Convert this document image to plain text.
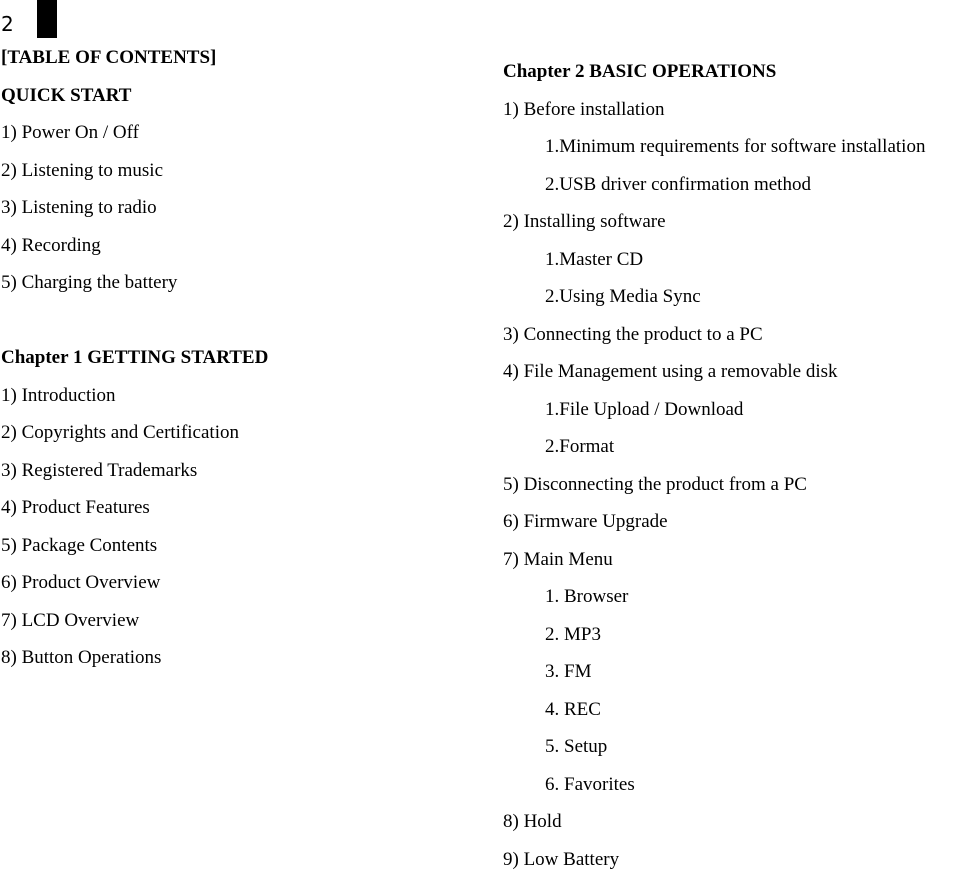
2
[TABLE OF CONTENTS]
QUICK START
1) Power On / Off
2) Listening to music
3) Listening to radio
4) Recording
5) Charging the battery
Chapter 1 GETTING STARTED
1) Introduction
2) Copyrights and Certification
3) Registered Trademarks
4) Product Features
5) Package Contents
6) Product Overview
7) LCD Overview
8) Button Operations
Chapter 2 BASIC OPERATIONS
1) Before installation
1.Minimum requirements for software installation
2.USB driver confirmation method
2) Installing software
1.Master CD
2.Using Media Sync
3) Connecting the product to a PC
4) File Management using a removable disk
1.File Upload / Download
2.Format
5) Disconnecting the product from a PC
6) Firmware Upgrade
7) Main Menu
1. Browser
2. MP3
3. FM
4. REC
5. Setup
6. Favorites
8) Hold
9) Low Battery
